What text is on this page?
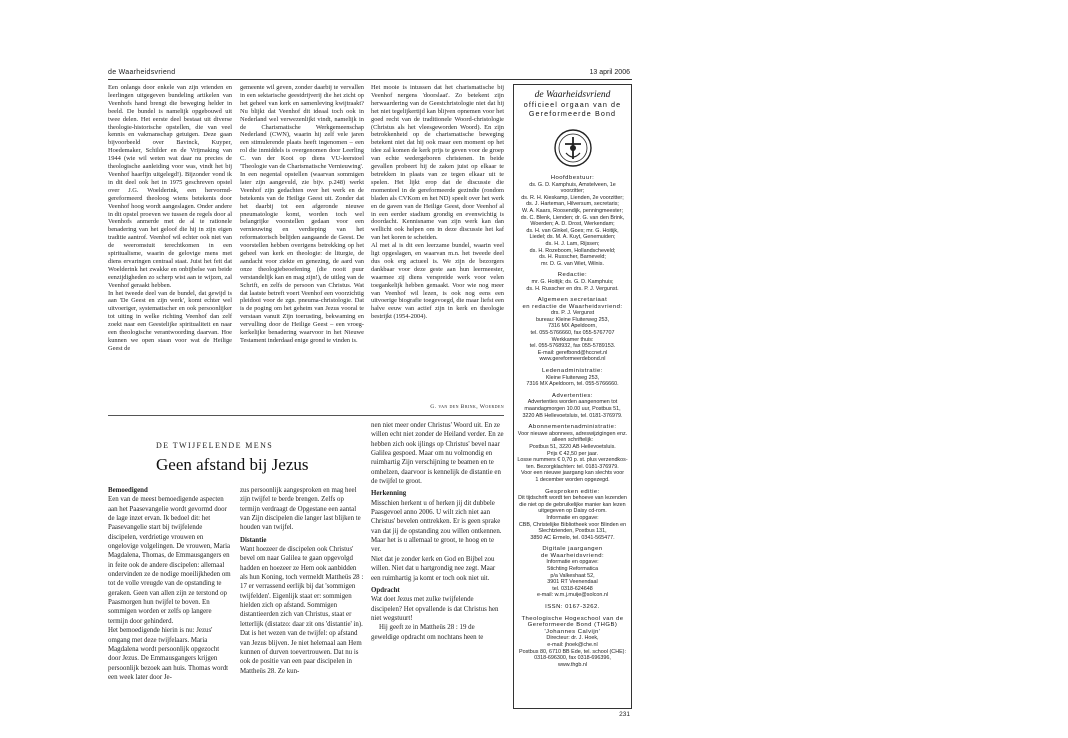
de Waarheidsvriend	13 april 2006

Een onlangs door enkele van zijn vrienden en leerlingen uitgegeven bundeling artikelen van Veenhofs hand brengt die beweging helder in beeld. De bundel is namelijk opgebouwd uit twee delen. Het eerste deel bestaat uit diverse theologie-historische opstellen, die van veel kennis en vakmanschap getuigen. Deze gaan bijvoorbeeld over Bavinck, Kuyper, Hoedemaker, Schilder en de Vrijmaking van 1944 (wie wil weten wat daar nu precies de theologische aanleiding voor was, vindt het bij Veenhof haarfijn uitgelegd!). Bijzonder vond ik in dit deel ook het in 1975 geschreven opstel over J.G. Woelderink, een hervormd-gereformeerd theoloog wiens betekenis door Veenhof hoog wordt aangeslagen. Onder andere in dit opstel proeven we tussen de regels door al Veenhofs anmerde met de al te rationele benadering van het geloof die hij in zijn eigen traditie aantrof. Veenhof wil echter ook niet van de weeromstuit terechtkomen in een spiritualisme, waarin de gelovige mens met diens ervaringen centraal staat. Juist het feit dat Woelderink het zwakke en onbijbelse van beide eenzijdigheden zo scherp wist aan te wijzen, zal Veenhof geraakt hebben.

In het tweede deel van de bundel, dat gewijd is aan 'De Geest en zijn werk', komt echter wel uitvoeriger, systematischer en ook persoonlijker tot uiting in welke richting Veenhof dan zelf zoekt naar een Geestelijke spiritualiteit en naar een theologische verantwoording daarvan. Hoe kunnen we open staan voor wat de Heilige Geest de

gemeente wil geven, zonder daarbij te vervallen in een sektarische geestdrijverij die het zicht op het geheel van kerk en samenleving kwijtraakt? Nu blijkt dat Veenhof dit ideaal toch ook in Nederland wel verwezenlijkt vindt, namelijk in de Charismatische Werkgemeenschap Nederland (CWN), waarin hij zelf vele jaren een stimulerende plaats heeft ingenomen – een rol die inmiddels is overgenomen door Leerling C. van der Kooi op diens VU-leerstoel 'Theologie van de Charismatische Vernieuwing'.

In een negental opstellen (waarvan sommigen later zijn aangevuld, zie bijv. p.248) werkt Veenhof zijn gedachten over het werk en de betekenis van de Heilige Geest uit. Zonder dat het daarbij tot een afgeronde nieuwe pneumatologie komt, worden toch wel belangrijke voorstellen gedaan voor een vernieuwing en verdieping van het reformatorisch belijden aangaande de Geest. De voorstellen hebben overigens betrekking op het geheel van kerk en theologie: de liturgie, de aandacht voor ziekte en genezing, de aard van onze theologiebeoefening (die nooit puur verstandelijk kan en mag zijn!), de uitleg van de Schrift, en zelfs de persoon van Christus. Wat dat laatste betreft voert Veenhof een voorzichtig pleidooi voor de zgn. pneuma-christologie. Dat is de poging om het geheim van Jezus vooral te verstaan vanuit Zijn toerusting, bekwaming en vervulling door de Heilige Geest – een vroeg-kerkelijke benadering waarvoor in het Nieuwe Testament inderdaad enige grond te vinden is.

Het mooie is intussen dat het charismatische bij Veenhof nergens 'doorslaat'. Zo betekent zijn herwaardering van de Geestchristologie niet dat hij het niet tegelijkertijd kan blijven opnemen voor het goed recht van de traditionele Woord-christologie (Christus als het vleesgeworden Woord). En zijn betrokkenheid op de charismatische beweging betekent niet dat hij ook maar een moment op het idee zal komen de kerk prijs te geven voor de groep van echte wedergeboren christenen. In beide gevallen probeert hij de zaken juist op elkaar te betrekken in plaats van ze tegen elkaar uit te spelen. Het lijkt erop dat de discussie die momenteel in de gereformeerde gezindte (rondom bladen als CVKom en het ND) speelt over het werk en de gaven van de Heilige Geest, door Veenhof al in een eerder stadium grondig en evenwichtig is doordacht. Kennisname van zijn werk kan dan wellicht ook helpen om in deze discussie het kaf van het koren te scheiden.

Al met al is dit een leerzame bundel, waarin veel ligt opgeslagen, en waarvan m.n. het tweede deel dus ook erg actueel is. We zijn de bezorgers dankbaar voor deze geste aan hun leermeester, waarmee zij diens verspreide werk voor velen toegankelijk hebben gemaakt. Voor wie nog meer van Veenhof wil lezen, is ook nog eens een uitvoerige biografie toegevoegd, die maar liefst een halve eeuw van actief zijn in kerk en theologie bestrijkt (1954-2004).

G. van den Brink, Woerden
DE TWIJFELENDE MENS
Geen afstand bij Jezus

Bemoedigend

Een van de meest bemoedigende aspecten aan het Paasevangelie wordt gevormd door de lage inzet ervan. Ik bedoel dit: het Paasevangelie start bij twijfelende discipelen, verdrietige vrouwen en ongelovige volgelingen. De vrouwen, Maria Magdalena, Thomas, de Emmausgangers en in feite ook de andere discipelen: allemaal ondervinden ze de nodige moeilijkheden om tot de volle vreugde van de opstanding te geraken. Geen van allen zijn ze terstond op Paasmorgen hun twijfel te boven. En sommigen worden er zelfs op langere termijn door gehinderd.

Het bemoedigende hierin is nu: Jezus' omgang met deze twijfelaars. Maria Magdalena wordt persoonlijk opgezocht door Jezus. De Emmausgangers krijgen persoonlijk bezoek aan huis. Thomas wordt een week later door Je-

zus persoonlijk aangesproken en mag heel zijn twijfel te berde brengen. Zelfs op termijn verdraagt de Opgestane een aantal van Zijn discipelen die langer last blijken te houden van twijfel.

Distantie

Want hoezeer de discipelen ook Christus' bevel om naar Galilea te gaan opgevolgd hadden en hoezeer ze Hem ook aanbidden als hun Koning, toch vermeldt Mattheüs 28 : 17 er verrassend eerlijk bij dat 'sommigen twijfelden'. Eigenlijk staat er: sommigen hielden zich op afstand. Sommigen distantieerden zich van Christus, staat er letterlijk (distatzo: daar zit ons 'distantie' in). Dat is het wezen van de twijfel: op afstand van Jezus blijven. Je niet helemaal aan Hem kunnen of durven toevertrouwen. Dat nu is ook de positie van een paar discipelen in Mattheüs 28. Ze kun-

nen niet meer onder Christus' Woord uit. En ze willen echt niet zonder de Heiland verder. En ze hebben zich ook ijlings op Christus' bevel naar Galilea gespoed. Maar om nu volmondig en ruimhartig Zijn verschijning te beamen en te omhelzen, daarvoor is kennelijk de distantie en de twijfel te groot.

Herkenning

Misschien herkent u of herken jij dit dubbele Paasgevoel anno 2006. U wilt zich niet aan Christus' bevelen onttrekken. Er is geen sprake van dat jij de opstanding zou willen ontkennen. Maar het is u allemaal te groot, te hoog en te ver.

Niet dat je zonder kerk en God en Bijbel zou willen. Niet dat u hartgrondig nee zegt. Maar een ruimhartig ja komt er toch ook niet uit.

Opdracht

Wat doet Jezus met zulke twijfelende discipelen? Het opvallende is dat Christus hen niet wegstuurt!

Hij geeft ze in Mattheüs 28 : 19 de geweldige opdracht om nochtans heen te

de Waarheidsvriend
officieel orgaan van de
Gereformeerde Bond
Hoofdbestuur:
ds. G. D. Kamphuis, Amstelveen, 1e voorzitter;
ds. R. H. Kieskamp, Lienden, 2e voorzitter;
ds. J. Harteman, Hilversum, secretaris;
W. A. Kaars, Roosendijk, penningmeester;
ds. C. Blenk, Lienden; dr. G. van den Brink,
Woerden; A. D. Drost, Werkendam;
ds. H. van Ginkel, Goes; mr. G. Hoitijk,
Liedel; ds. M. A. Kuyt, Genemuiden;
ds. H. J. Lam, Rijssen;
ds. H. Rozeboom, Hollandscheveld;
ds. H. Russcher, Barneveld;
mr. D. G. van Wiet, Wilnis.
Redactie:
mr. G. Hoitijk; ds. G. D. Kamphuis;
ds. H. Russcher en drs. P. J. Vergunst.
Algemeen secretariaat
en redactie de Waarheidsvriend:
drs. P. J. Vergunst
bureau: Kleine Fluiterweg 253,
7316 MX Apeldoorn,
tel. 055-5766660, fax 055-5767707
Werkkamer thuis:
tel. 055-5768932, fax 055-5789153.
E-mail: gerefbond@hccnet.nl
www.gereformeerdebond.nl
Ledenadministratie:
Kleine Fluiterweg 253,
7316 MX Apeldoorn, tel. 055-5766660.
Advertenties:
Advertenties worden aangenomen tot
maandagmorgen 10.00 uur, Postbus 51,
3220 AB Hellevoetsluis, tel. 0181-376979.
Abonnementenadministratie:
Voor nieuwe abonnees, adreswijzigingen enz.
alleen schriftelijk:
Postbus 51, 3220 AB Hellevoetsluis.
Prijs € 42,50 per jaar.
Losse nummers € 0,70 p. st. plus verzendkos-
ten. Bezorgklachten: tel. 0181-376979.
Voor een nieuwe jaargang kan slechts voor
1 december worden opgezegd.
Gesproken editie:
Dit tijdschrift wordt ten behoeve van lezenden
die niet op de gebruikelijke manier kan lezen
uitgegeven op Daisy cd-rom.
Informatie en opgave:
CBB, Christelijke Bibliotheek voor Blinden en
Slechtzienden, Postbus 131,
3850 AC Ermelo, tel. 0341-565477.
Digitale jaargangen
de Waarheidsvriend:
Informatie en opgave:
Stichting Reformatica
p/a Valkeshaat 52,
3901 RT Veenendaal
tel. 0318-624648
e-mail: w.m.j.muije@solcon.nl
ISSN: 0167-3262.
Theologische Hogeschool van de
Gereformeerde Bond (THGB)
'Johannes Calvijn'
Directeur: dr. J. Hoek,
e-mail: jhoek@che.nl
Postbus 80, 6710 BB Ede, tel. school (CHE):
0318-696300, fax 0318-696396,
www.thgb.nl
231
